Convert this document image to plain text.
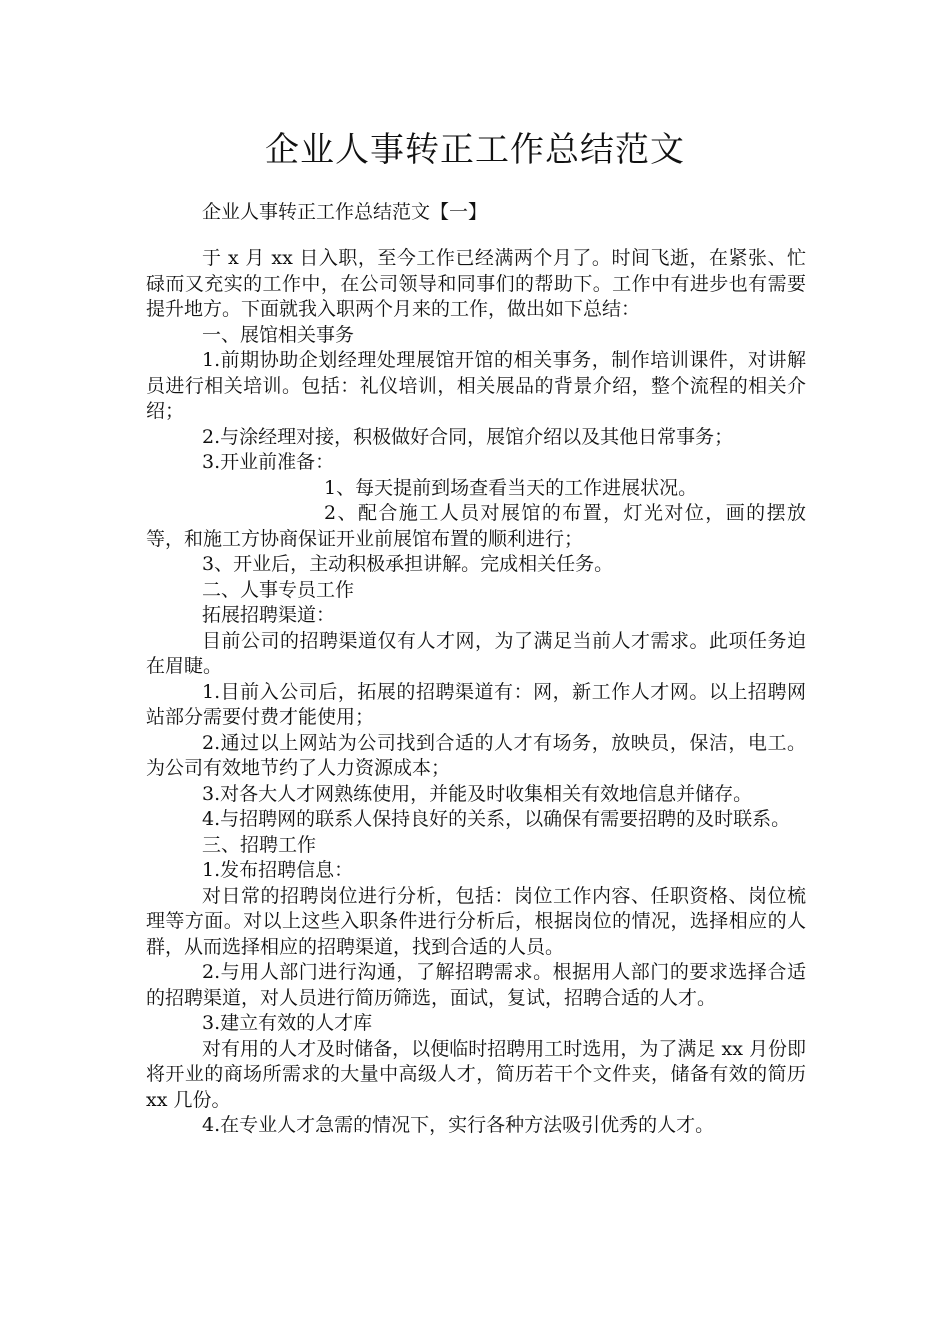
企业人事转正工作总结范文

企业人事转正工作总结范文【一】

于 x 月 xx 日入职，至今工作已经满两个月了。时间飞逝，在紧张、忙碌而又充实的工作中，在公司领导和同事们的帮助下。工作中有进步也有需要提升地方。下面就我入职两个月来的工作，做出如下总结：

一、展馆相关事务

1.前期协助企划经理处理展馆开馆的相关事务，制作培训课件，对讲解员进行相关培训。包括：礼仪培训，相关展品的背景介绍，整个流程的相关介绍；

2.与涂经理对接，积极做好合同，展馆介绍以及其他日常事务；

3.开业前准备：

1、每天提前到场查看当天的工作进展状况。

2、配合施工人员对展馆的布置，灯光对位，画的摆放等，和施工方协商保证开业前展馆布置的顺利进行；

3、开业后，主动积极承担讲解。完成相关任务。

二、人事专员工作

拓展招聘渠道：

目前公司的招聘渠道仅有人才网，为了满足当前人才需求。此项任务迫在眉睫。

1.目前入公司后，拓展的招聘渠道有：网，新工作人才网。以上招聘网站部分需要付费才能使用；

2.通过以上网站为公司找到合适的人才有场务，放映员，保洁，电工。为公司有效地节约了人力资源成本；

3.对各大人才网熟练使用，并能及时收集相关有效地信息并储存。

4.与招聘网的联系人保持良好的关系，以确保有需要招聘的及时联系。

三、招聘工作

1.发布招聘信息：

对日常的招聘岗位进行分析，包括：岗位工作内容、任职资格、岗位梳理等方面。对以上这些入职条件进行分析后，根据岗位的情况，选择相应的人群，从而选择相应的招聘渠道，找到合适的人员。

2.与用人部门进行沟通，了解招聘需求。根据用人部门的要求选择合适的招聘渠道，对人员进行简历筛选，面试，复试，招聘合适的人才。

3.建立有效的人才库

对有用的人才及时储备，以便临时招聘用工时选用，为了满足 xx 月份即将开业的商场所需求的大量中高级人才，简历若干个文件夹，储备有效的简历 xx 几份。

4.在专业人才急需的情况下，实行各种方法吸引优秀的人才。
